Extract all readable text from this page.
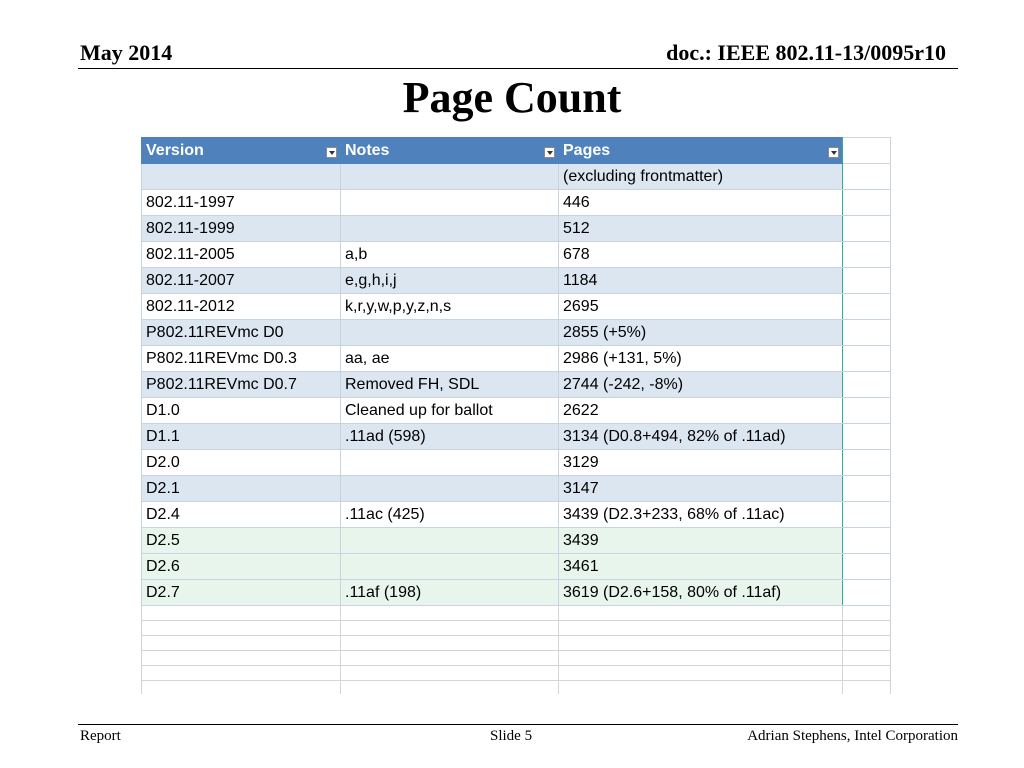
May 2014	doc.: IEEE 802.11-13/0095r10
Page Count
Version	Notes	Pages

		(excluding frontmatter)	
802.11-1997		446	
802.11-1999		512	
802.11-2005	a,b	678	
802.11-2007	e,g,h,i,j	1184	
802.11-2012	k,r,y,w,p,y,z,n,s	2695	
P802.11REVmc D0		2855 (+5%)	
P802.11REVmc D0.3	aa, ae	2986 (+131, 5%)	
P802.11REVmc D0.7	Removed FH, SDL	2744 (-242, -8%)	
D1.0	Cleaned up for ballot	2622	
D1.1	.11ad (598)	3134 (D0.8+494, 82% of .11ad)	
D2.0		3129	
D2.1		3147	
D2.4	.11ac (425)	3439 (D2.3+233, 68% of .11ac)	
D2.5		3439	
D2.6		3461	
D2.7	.11af (198)	3619 (D2.6+158, 80% of .11af)	

Report	Slide 5	Adrian Stephens, Intel Corporation
